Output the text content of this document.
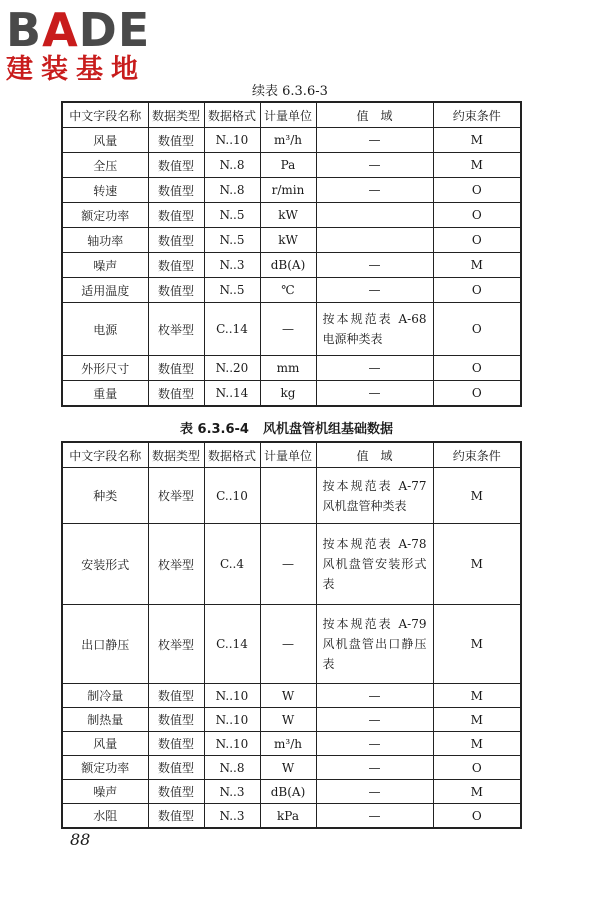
BADE
建装基地
续表 6.3.6-3
中文字段名称	数据类型	数据格式	计量单位	值　域	约束条件
风量	数值型	N..10	m³/h	—	M
全压	数值型	N..8	Pa	—	M
转速	数值型	N..8	r/min	—	O
额定功率	数值型	N..5	kW		O
轴功率	数值型	N..5	kW		O
噪声	数值型	N..3	dB(A)	—	M
适用温度	数值型	N..5	℃	—	O
电源	枚举型	C..14	—	按本规范表 A-68 电源种类表	O
外形尺寸	数值型	N..20	mm	—	O
重量	数值型	N..14	kg	—	O
表 6.3.6-4 风机盘管机组基础数据
中文字段名称	数据类型	数据格式	计量单位	值　域	约束条件
种类	枚举型	C..10		按本规范表 A-77 风机盘管种类表	M
安装形式	枚举型	C..4	—	按本规范表 A-78 风机盘管安装形式表	M
出口静压	枚举型	C..14	—	按本规范表 A-79 风机盘管出口静压表	M
制冷量	数值型	N..10	W	—	M
制热量	数值型	N..10	W	—	M
风量	数值型	N..10	m³/h	—	M
额定功率	数值型	N..8	W	—	O
噪声	数值型	N..3	dB(A)	—	M
水阻	数值型	N..3	kPa	—	O
88
